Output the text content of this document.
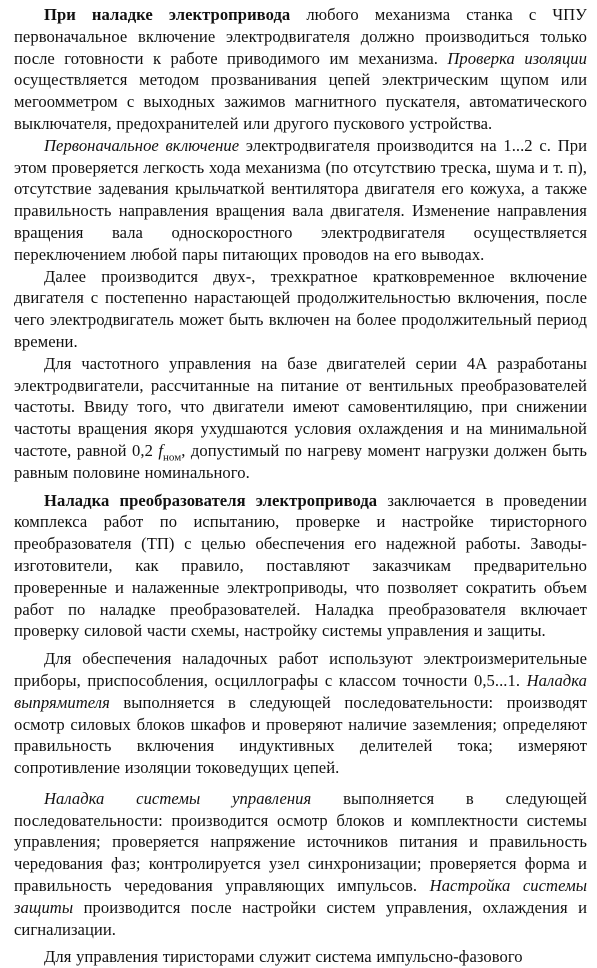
При наладке электропривода любого механизма станка с ЧПУ первоначальное включение электродвигателя должно производиться только после готовности к работе приводимого им механизма. Проверка изоляции осуществляется методом прозванивания цепей электрическим щупом или мегоомметром с выходных зажимов магнитного пускателя, автоматического выключателя, предохранителей или другого пускового устройства.

Первоначальное включение электродвигателя производится на 1...2 с. При этом проверяется легкость хода механизма (по отсутствию треска, шума и т. п), отсутствие задевания крыльчаткой вентилятора двигателя его кожуха, а также правильность направления вращения вала двигателя. Изменение направления вращения вала односкоростного электродвигателя осуществляется переключением любой пары питающих проводов на его выводах.

Далее производится двух-, трехкратное кратковременное включение двигателя с постепенно нарастающей продолжительностью включения, после чего электродвигатель может быть включен на более продолжительный период времени.

Для частотного управления на базе двигателей серии 4А разработаны электродвигатели, рассчитанные на питание от вентильных преобразователей частоты. Ввиду того, что двигатели имеют самовентиляцию, при снижении частоты вращения якоря ухудшаются условия охлаждения и на минимальной частоте, равной 0,2 $f_{ном}$, допустимый по нагреву момент нагрузки должен быть равным половине номинального.

Наладка преобразователя электропривода заключается в проведении комплекса работ по испытанию, проверке и настройке тиристорного преобразователя (ТП) с целью обеспечения его надежной работы. Заводы-изготовители, как правило, поставляют заказчикам предварительно проверенные и налаженные электроприводы, что позволяет сократить объем работ по наладке преобразователей. Наладка преобразователя включает проверку силовой части схемы, настройку системы управления и защиты.

Для обеспечения наладочных работ используют электроизмерительные приборы, приспособления, осциллографы с классом точности 0,5...1. Наладка выпрямителя выполняется в следующей последовательности: производят осмотр силовых блоков шкафов и проверяют наличие заземления; определяют правильность включения индуктивных делителей тока; измеряют сопротивление изоляции токоведущих цепей.

Наладка системы управления выполняется в следующей последовательности: производится осмотр блоков и комплектности системы управления; проверяется напряжение источников питания и правильность чередования фаз; контролируется узел синхронизации; проверяется форма и правильность чередования управляющих импульсов. Настройка системы защиты производится после настройки систем управления, охлаждения и сигнализации.

Для управления тиристорами служит система импульсно-фазового
